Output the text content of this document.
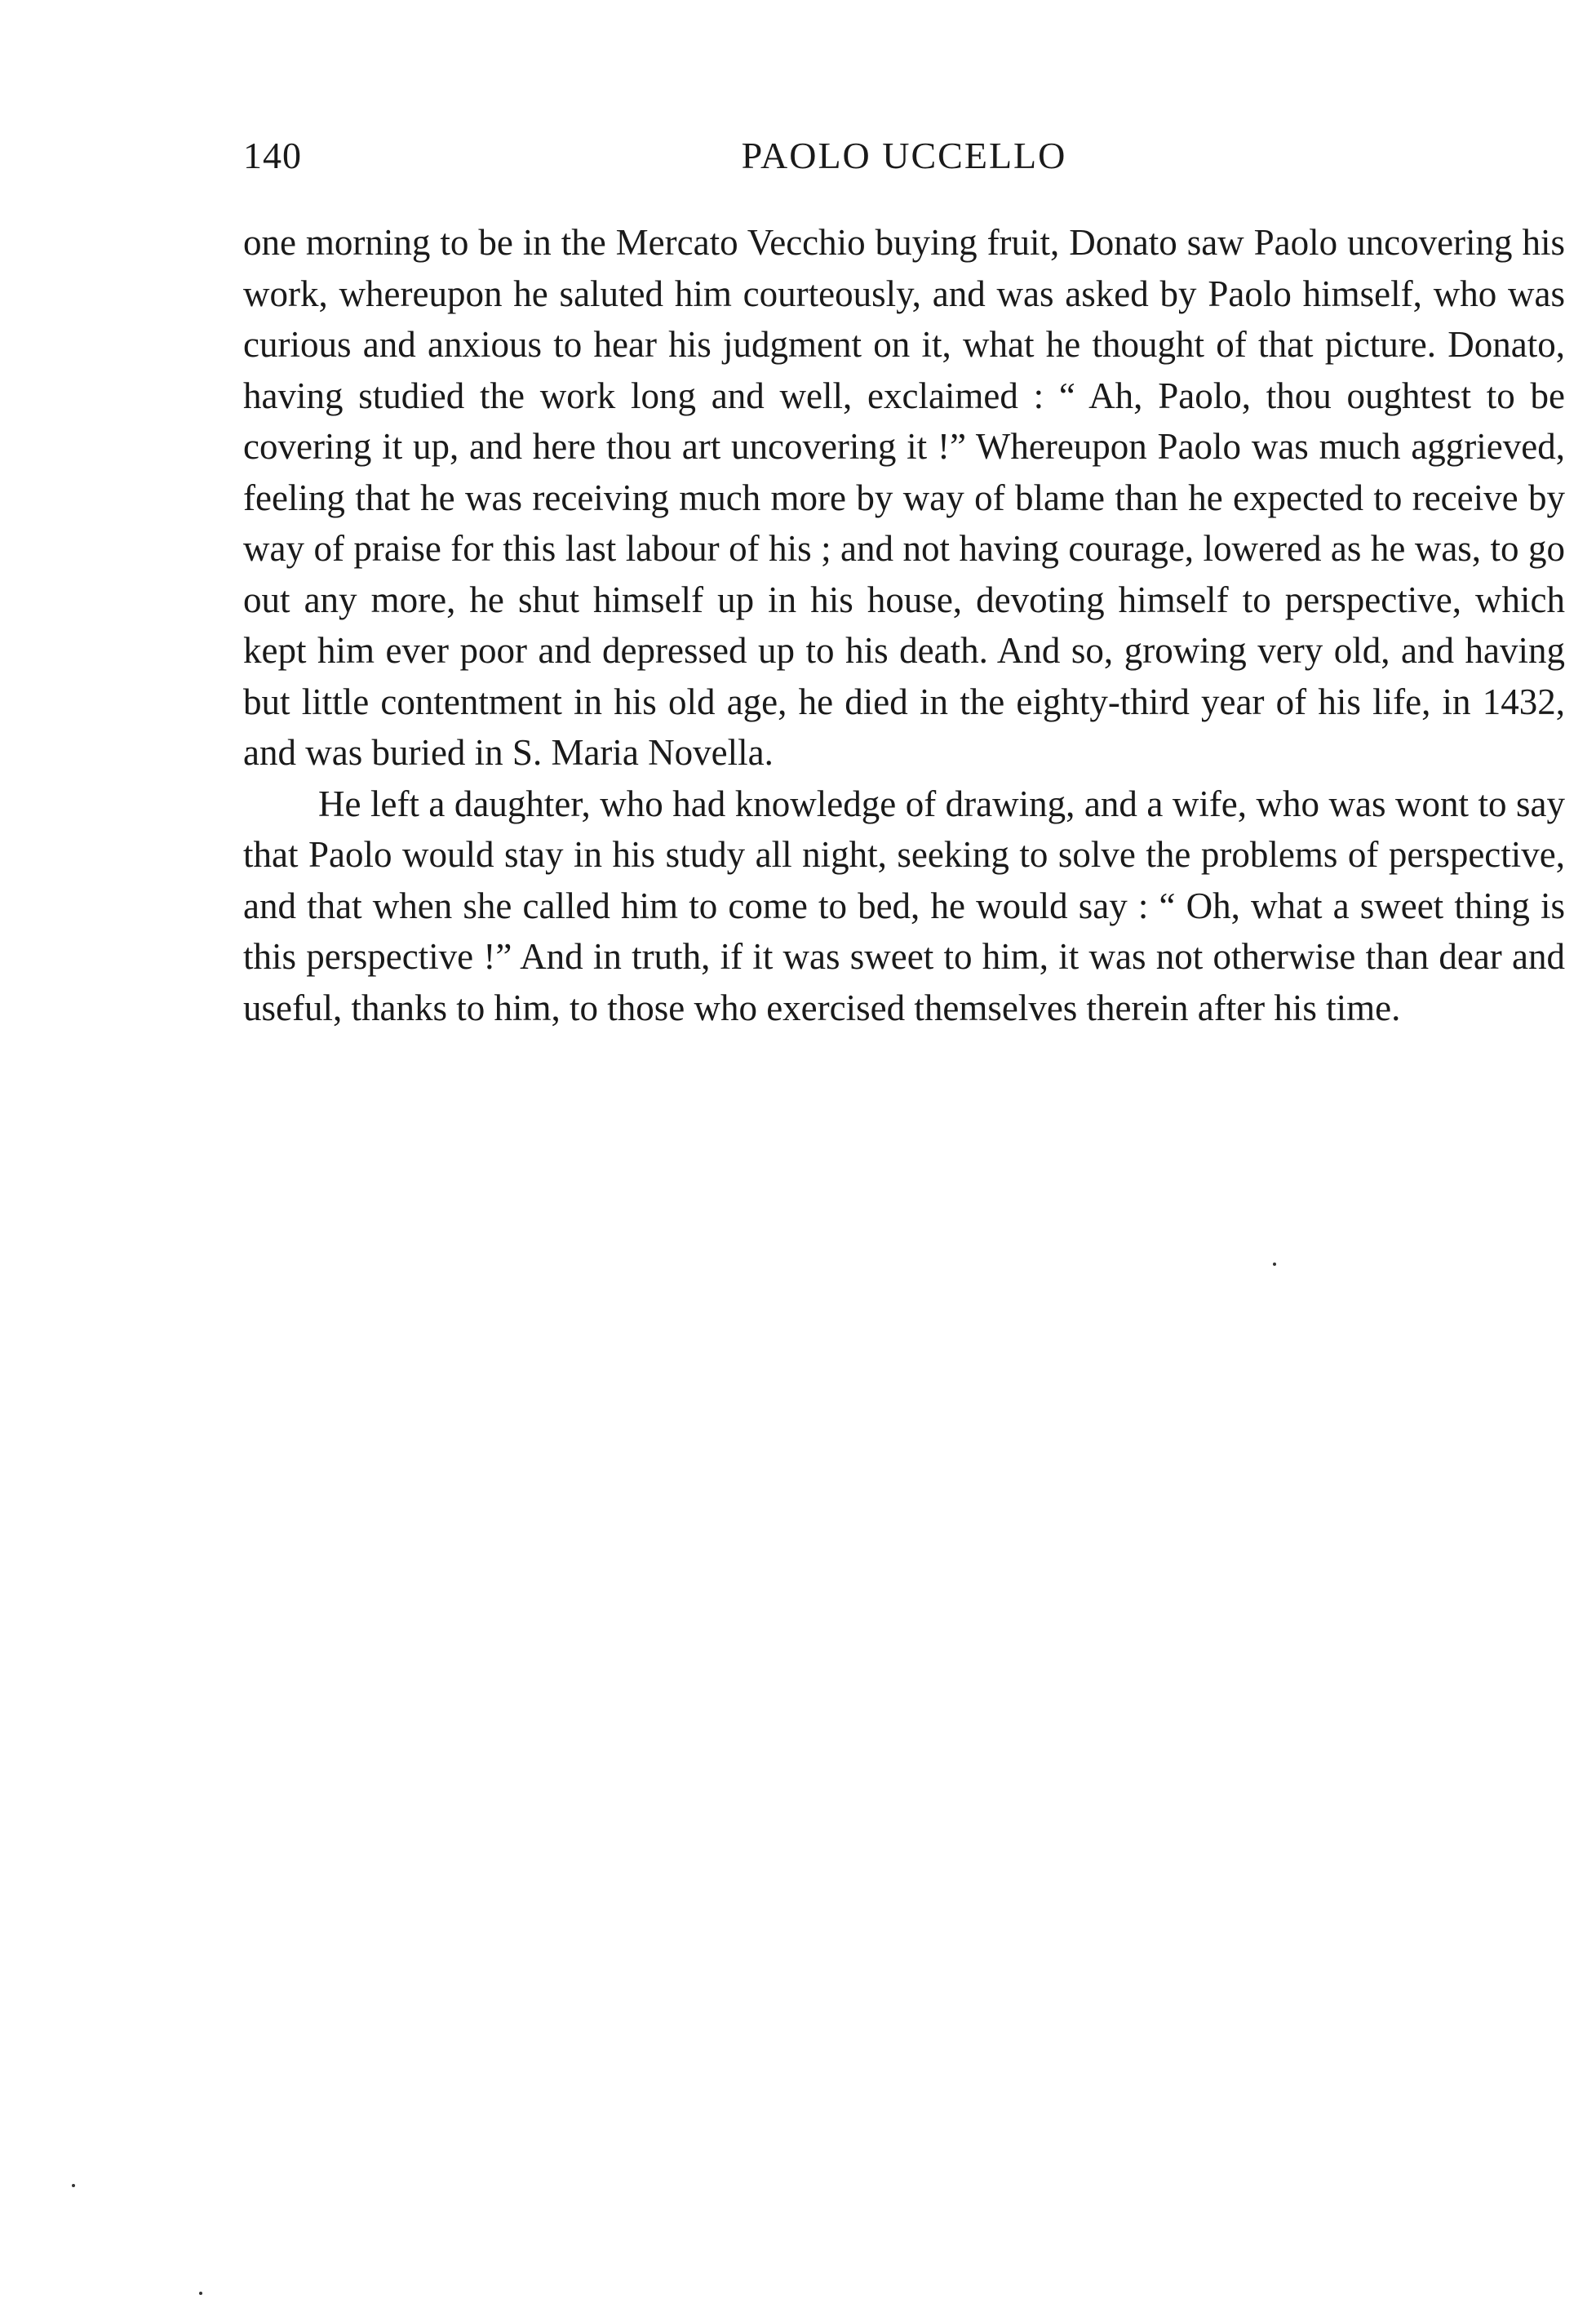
140	PAOLO UCCELLO

one morning to be in the Mercato Vecchio buying fruit, Donato saw Paolo uncovering his work, whereupon he saluted him courteously, and was asked by Paolo himself, who was curious and anxious to hear his judgment on it, what he thought of that picture. Donato, having studied the work long and well, exclaimed : “ Ah, Paolo, thou oughtest to be covering it up, and here thou art uncovering it !” Whereupon Paolo was much aggrieved, feeling that he was receiving much more by way of blame than he expected to receive by way of praise for this last labour of his ; and not having courage, lowered as he was, to go out any more, he shut himself up in his house, devoting himself to perspective, which kept him ever poor and depressed up to his death. And so, growing very old, and having but little contentment in his old age, he died in the eighty-third year of his life, in 1432, and was buried in S. Maria Novella.

He left a daughter, who had knowledge of drawing, and a wife, who was wont to say that Paolo would stay in his study all night, seeking to solve the problems of perspective, and that when she called him to come to bed, he would say : “ Oh, what a sweet thing is this perspective !” And in truth, if it was sweet to him, it was not otherwise than dear and useful, thanks to him, to those who exercised themselves therein after his time.
